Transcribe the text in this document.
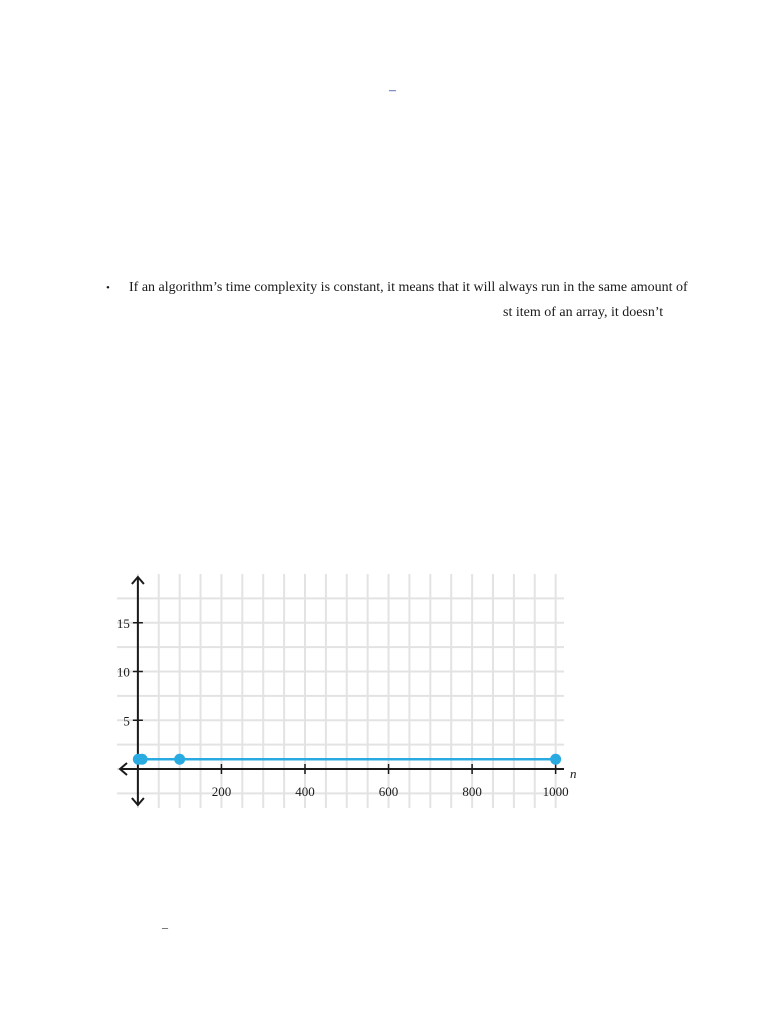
–
• If an algorithm’s time complexity is constant, it means that it will always run in the same amount of
st item of an array, it doesn’t
200	400	600	800	1000
5
10
15
n
–
